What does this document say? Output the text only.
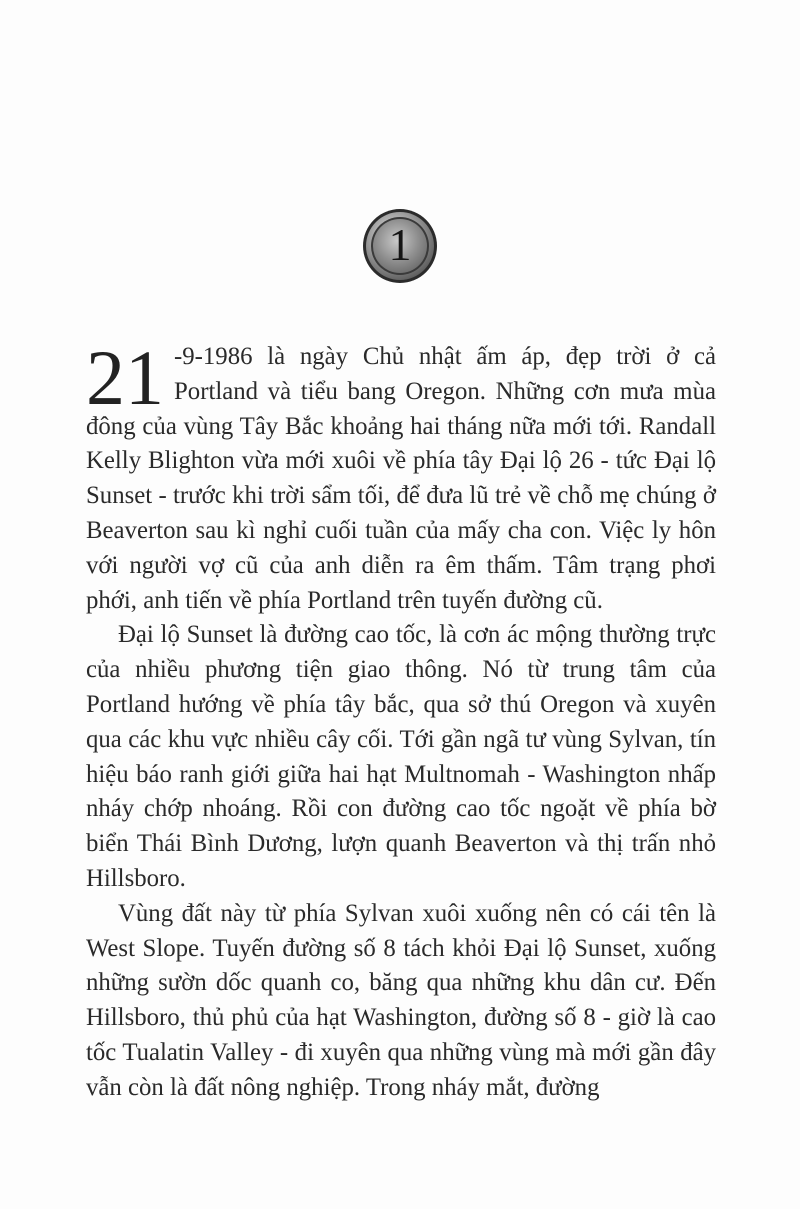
1

21 -9-1986 là ngày Chủ nhật ấm áp, đẹp trời ở cả Portland và tiểu bang Oregon. Những cơn mưa mùa đông của vùng Tây Bắc khoảng hai tháng nữa mới tới. Randall Kelly Blighton vừa mới xuôi về phía tây Đại lộ 26 - tức Đại lộ Sunset - trước khi trời sẩm tối, để đưa lũ trẻ về chỗ mẹ chúng ở Beaverton sau kì nghỉ cuối tuần của mấy cha con. Việc ly hôn với người vợ cũ của anh diễn ra êm thấm. Tâm trạng phơi phới, anh tiến về phía Portland trên tuyến đường cũ.

Đại lộ Sunset là đường cao tốc, là cơn ác mộng thường trực của nhiều phương tiện giao thông. Nó từ trung tâm của Portland hướng về phía tây bắc, qua sở thú Oregon và xuyên qua các khu vực nhiều cây cối. Tới gần ngã tư vùng Sylvan, tín hiệu báo ranh giới giữa hai hạt Multnomah - Washington nhấp nháy chớp nhoáng. Rồi con đường cao tốc ngoặt về phía bờ biển Thái Bình Dương, lượn quanh Beaverton và thị trấn nhỏ Hillsboro.

Vùng đất này từ phía Sylvan xuôi xuống nên có cái tên là West Slope. Tuyến đường số 8 tách khỏi Đại lộ Sunset, xuống những sườn dốc quanh co, băng qua những khu dân cư. Đến Hillsboro, thủ phủ của hạt Washington, đường số 8 - giờ là cao tốc Tualatin Valley - đi xuyên qua những vùng mà mới gần đây vẫn còn là đất nông nghiệp. Trong nháy mắt, đường
